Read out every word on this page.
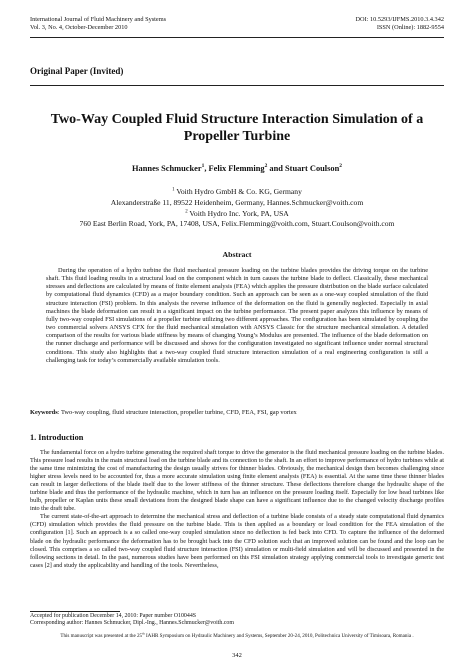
International Journal of Fluid Machinery and Systems
Vol. 3, No. 4, October-December 2010
DOI: 10.5293/IJFMS.2010.3.4.342
ISSN (Online): 1882-9554
Original Paper (Invited)
Two-Way Coupled Fluid Structure Interaction Simulation of a Propeller Turbine
Hannes Schmucker$^1$, Felix Flemming$^2$ and Stuart Coulson$^2$
$^1$ Voith Hydro GmbH & Co. KG, Germany
Alexanderstraße 11, 89522 Heidenheim, Germany, Hannes.Schmucker@voith.com
$^2$ Voith Hydro Inc. York, PA, USA
760 East Berlin Road, York, PA, 17408, USA, Felix.Flemming@voith.com, Stuart.Coulson@voith.com
Abstract
During the operation of a hydro turbine the fluid mechanical pressure loading on the turbine blades provides the driving torque on the turbine shaft. This fluid loading results in a structural load on the component which in turn causes the turbine blade to deflect. Classically, these mechanical stresses and deflections are calculated by means of finite element analysis (FEA) which applies the pressure distribution on the blade surface calculated by computational fluid dynamics (CFD) as a major boundary condition. Such an approach can be seen as a one-way coupled simulation of the fluid structure interaction (FSI) problem. In this analysis the reverse influence of the deformation on the fluid is generally neglected. Especially in axial machines the blade deformation can result in a significant impact on the turbine performance. The present paper analyzes this influence by means of fully two-way coupled FSI simulations of a propeller turbine utilizing two different approaches. The configuration has been simulated by coupling the two commercial solvers ANSYS CFX for the fluid mechanical simulation with ANSYS Classic for the structure mechanical simulation. A detailed comparison of the results for various blade stiffness by means of changing Young’s Modulus are presented. The influence of the blade deformation on the runner discharge and performance will be discussed and shows for the configuration investigated no significant influence under normal structural conditions. This study also highlights that a two-way coupled fluid structure interaction simulation of a real engineering configuration is still a challenging task for today’s commercially available simulation tools.
Keywords: Two-way coupling, fluid structure interaction, propeller turbine, CFD, FEA, FSI, gap vortex
1. Introduction

The fundamental force on a hydro turbine generating the required shaft torque to drive the generator is the fluid mechanical pressure loading on the turbine blades. This pressure load results in the main structural load on the turbine blade and its connection to the shaft. In an effort to improve performance of hydro turbines while at the same time minimizing the cost of manufacturing the design usually strives for thinner blades. Obviously, the mechanical design then becomes challenging since higher stress levels need to be accounted for, thus a more accurate simulation using finite element analysis (FEA) is essential. At the same time these thinner blades can result in larger deflections of the blade itself due to the lower stiffness of the thinner structure. These deflections therefore change the hydraulic shape of the turbine blade and thus the performance of the hydraulic machine, which in turn has an influence on the pressure loading itself. Especially for low head turbines like bulb, propeller or Kaplan units these small deviations from the designed blade shape can have a significant influence due to the changed velocity discharge profiles into the draft tube.

The current state-of-the-art approach to determine the mechanical stress and deflection of a turbine blade consists of a steady state computational fluid dynamics (CFD) simulation which provides the fluid pressure on the turbine blade. This is then applied as a boundary or load condition for the FEA simulation of the configuration [1]. Such an approach is a so called one-way coupled simulation since no deflection is fed back into CFD. To capture the influence of the deformed blade on the hydraulic performance the deformation has to be brought back into the CFD solution such that an improved solution can be found and the loop can be closed. This comprises a so called two-way coupled fluid structure interaction (FSI) simulation or multi-field simulation and will be discussed and presented in the following sections in detail. In the past, numerous studies have been performed on this FSI simulation strategy applying commercial tools to investigate generic test cases [2] and study the applicability and handling of the tools. Nevertheless,

Accepted for publication December 14, 2010: Paper number O10044S
Corresponding author: Hannes Schmucker, Dipl.-Ing., Hannes.Schmucker@voith.com
This manuscript was presented at the 25th IAHR Symposium on Hydraulic Machinery and Systems, September 20-24, 2010, Politechnica University of Timisoara, Romania .
342
